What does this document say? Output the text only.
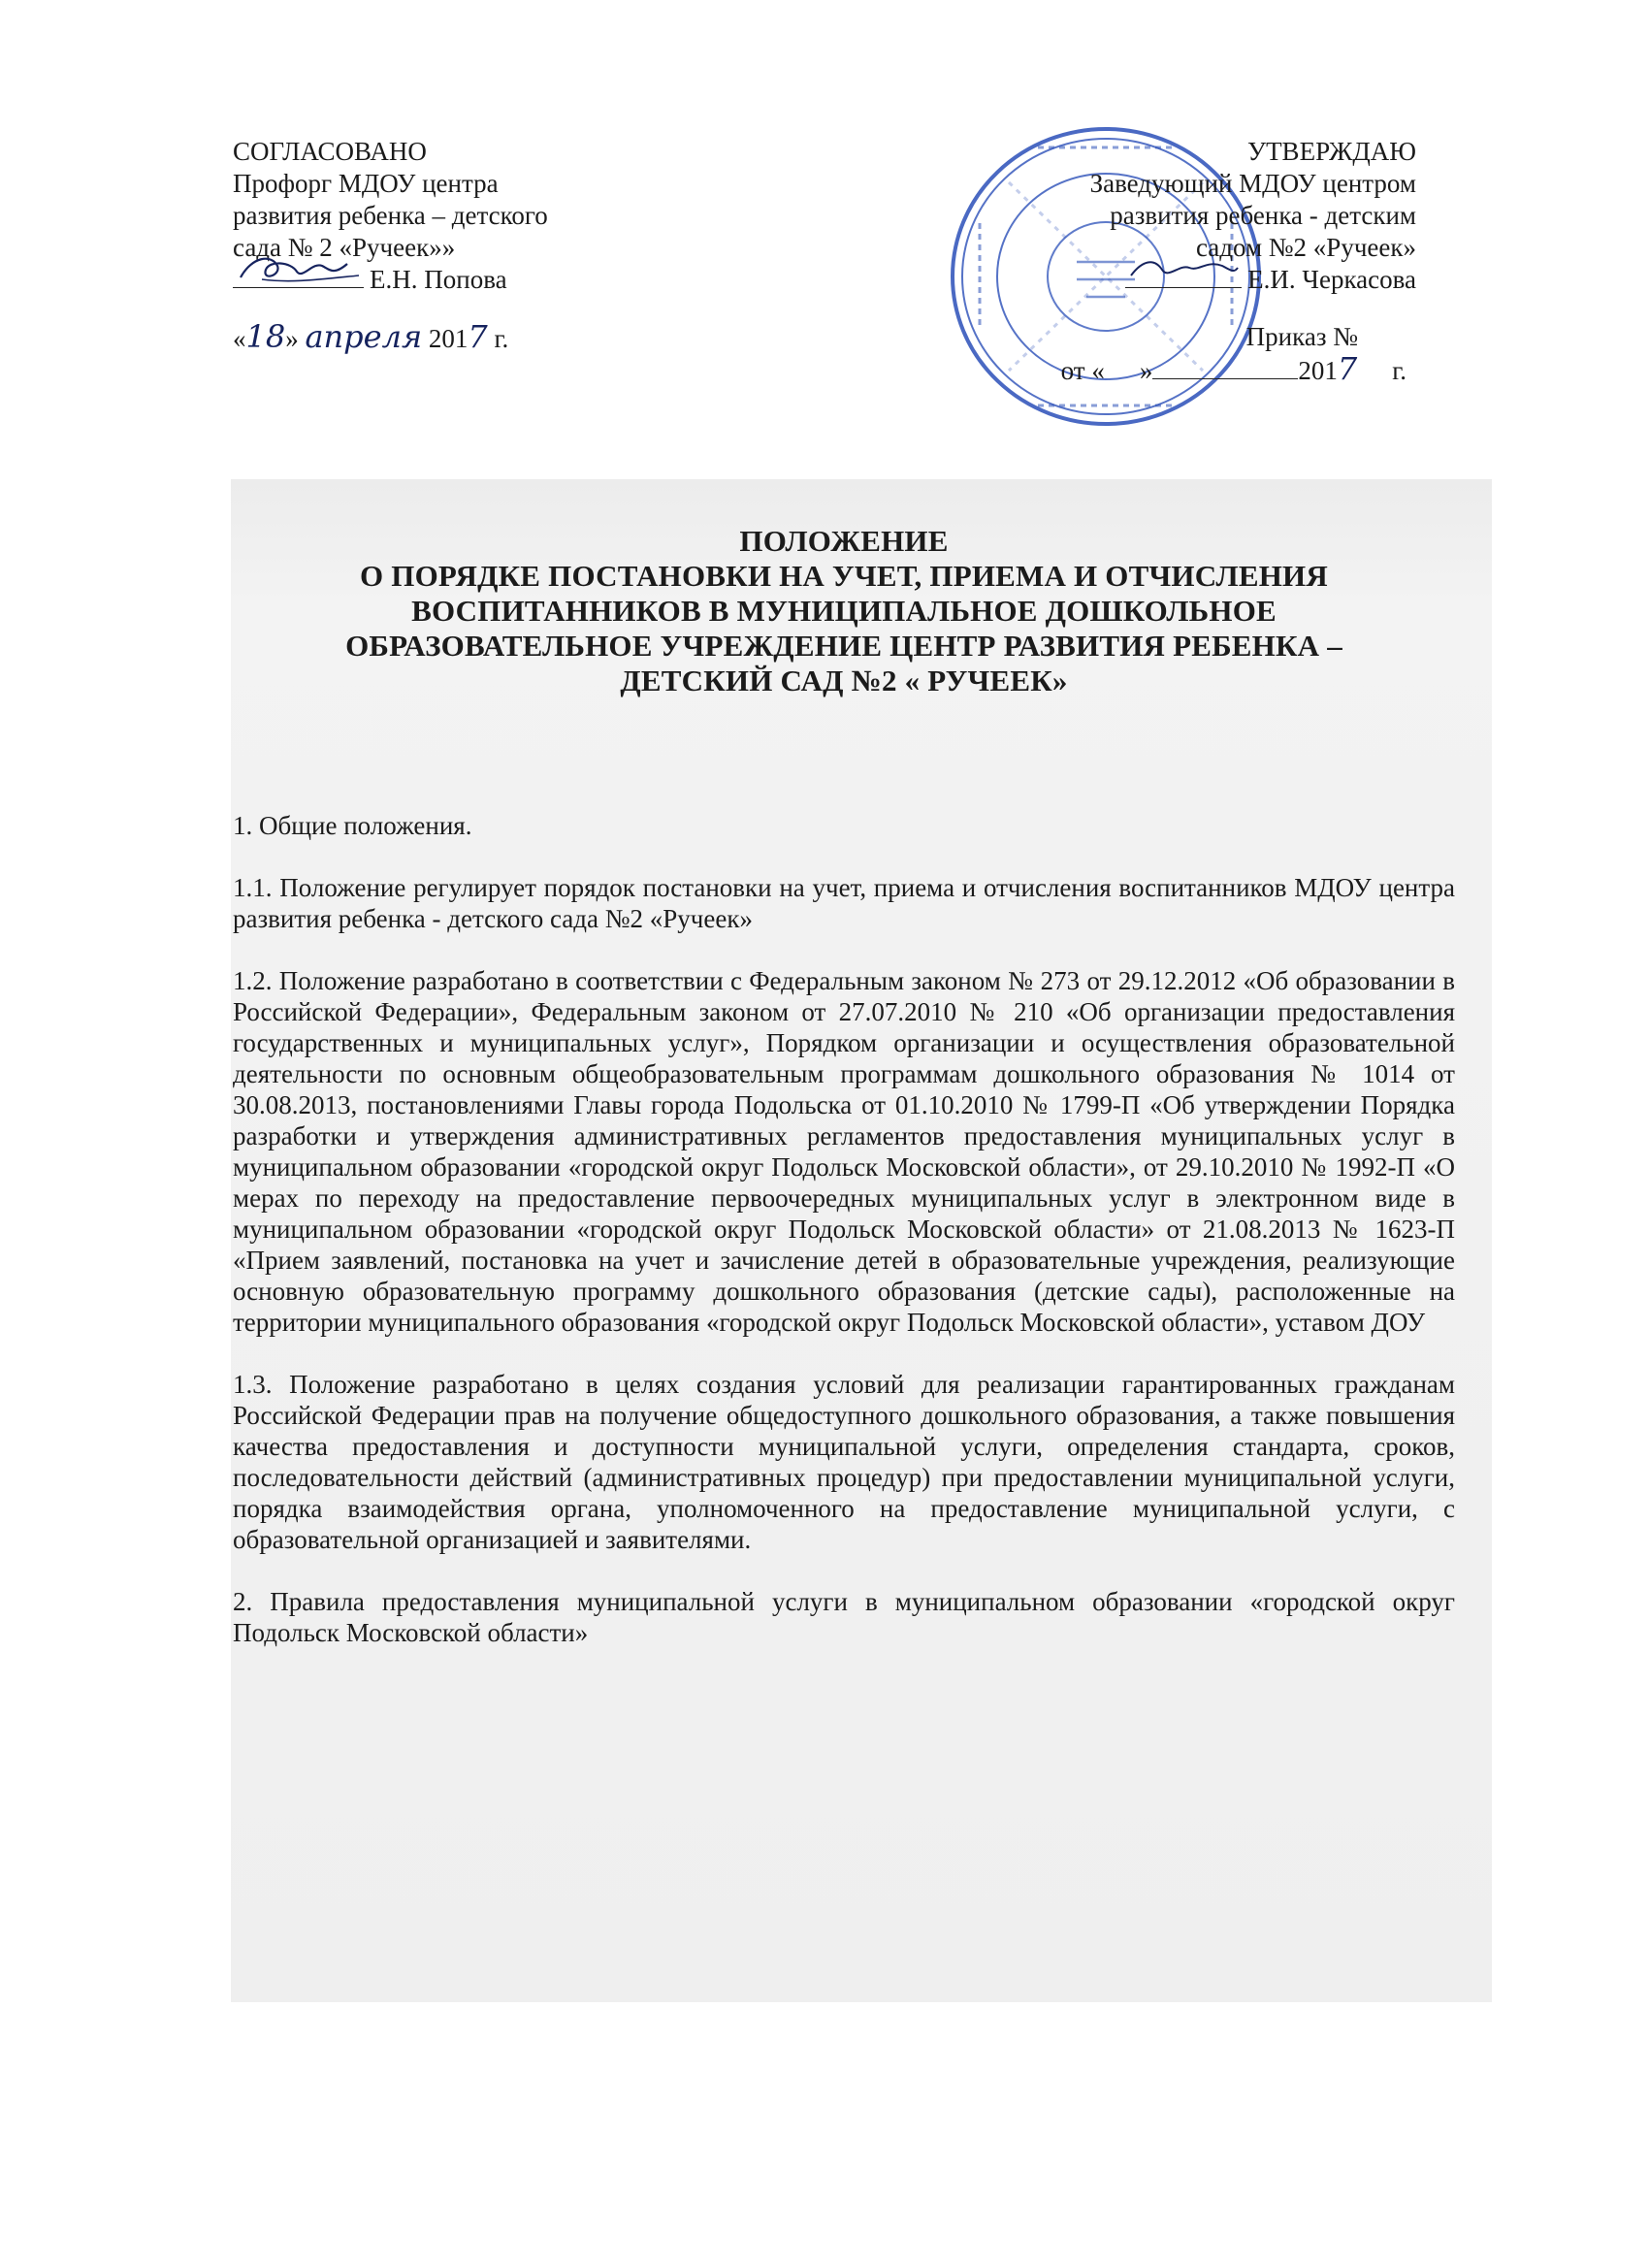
СОГЛАСОВАНО
Профорг МДОУ центра
развития ребенка – детского
сада № 2 «Ручеек»»
Е.Н. Попова
«18» апреля 2017 г.
УТВЕРЖДАЮ
Заведующий МДОУ центром
развития ребенка - детским
садом №2 «Ручеек»
Е.И. Черкасова
Приказ №
от « »	2017 г.
ПОЛОЖЕНИЕ
О ПОРЯДКЕ ПОСТАНОВКИ НА УЧЕТ, ПРИЕМА И ОТЧИСЛЕНИЯ
ВОСПИТАННИКОВ В МУНИЦИПАЛЬНОЕ ДОШКОЛЬНОЕ
ОБРАЗОВАТЕЛЬНОЕ УЧРЕЖДЕНИЕ ЦЕНТР РАЗВИТИЯ РЕБЕНКА –
ДЕТСКИЙ САД №2 « РУЧЕЕК»

1. Общие положения.

1.1. Положение регулирует порядок постановки на учет, приема и отчисления воспитанников МДОУ центра развития ребенка - детского сада №2 «Ручеек»

1.2. Положение разработано в соответствии с Федеральным законом № 273 от 29.12.2012 «Об образовании в Российской Федерации», Федеральным законом от 27.07.2010 № 210 «Об организации предоставления государственных и муниципальных услуг», Порядком организации и осуществления образовательной деятельности по основным общеобразовательным программам дошкольного образования № 1014 от 30.08.2013, постановлениями Главы города Подольска от 01.10.2010 № 1799-П «Об утверждении Порядка разработки и утверждения административных регламентов предоставления муниципальных услуг в муниципальном образовании «городской округ Подольск Московской области», от 29.10.2010 № 1992-П «О мерах по переходу на предоставление первоочередных муниципальных услуг в электронном виде в муниципальном образовании «городской округ Подольск Московской области» от 21.08.2013 № 1623-П «Прием заявлений, постановка на учет и зачисление детей в образовательные учреждения, реализующие основную образовательную программу дошкольного образования (детские сады), расположенные на территории муниципального образования «городской округ Подольск Московской области», уставом ДОУ

1.3. Положение разработано в целях создания условий для реализации гарантированных гражданам Российской Федерации прав на получение общедоступного дошкольного образования, а также повышения качества предоставления и доступности муниципальной услуги, определения стандарта, сроков, последовательности действий (административных процедур) при предоставлении муниципальной услуги, порядка взаимодействия органа, уполномоченного на предоставление муниципальной услуги, с образовательной организацией и заявителями.

2. Правила предоставления муниципальной услуги в муниципальном образовании «городской округ Подольск Московской области»
